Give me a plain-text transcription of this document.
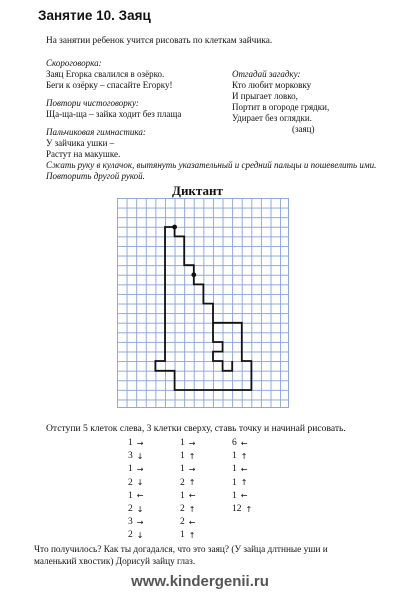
Занятие 10. Заяц
На занятии ребенок учится рисовать по клеткам зайчика.
Скороговорка:
Заяц Егорка свалился в озёрко.
Беги к озёрку – спасайте Егорку!
Отгадай загадку:
Кто любит морковку
И прыгает ловко,
Портит в огороде грядки,
Удирает без оглядки.
(заяц)
Повтори чистоговорку:
Ща-ща-ща – зайка ходит без плаща
Пальчиковая гимнастика:
У зайчика ушки –
Растут на макушке.
Сжать руку в кулачок, вытянуть указательный и средний пальцы и пошевелить ими.
Повторить другой рукой.
Диктант
Отступи 5 клеток слева, 3 клетки сверху, ставь точку и начинай рисовать.
1 →	1 →	6 ←
3 ↓	1 ↑	1 ↑
1 →	1 →	1 ←
2 ↓	2 ↑	1 ↑
1 ←	1 ←	1 ←
2 ↓	2 ↑	12 ↑
3 →	2 ←
2 ↓	1 ↑
Что получилось? Как ты догадался, что это заяц? (У зайца длтнные уши и
маленький хвостик) Дорисуй зайцу глаз.
www.kindergenii.ru
